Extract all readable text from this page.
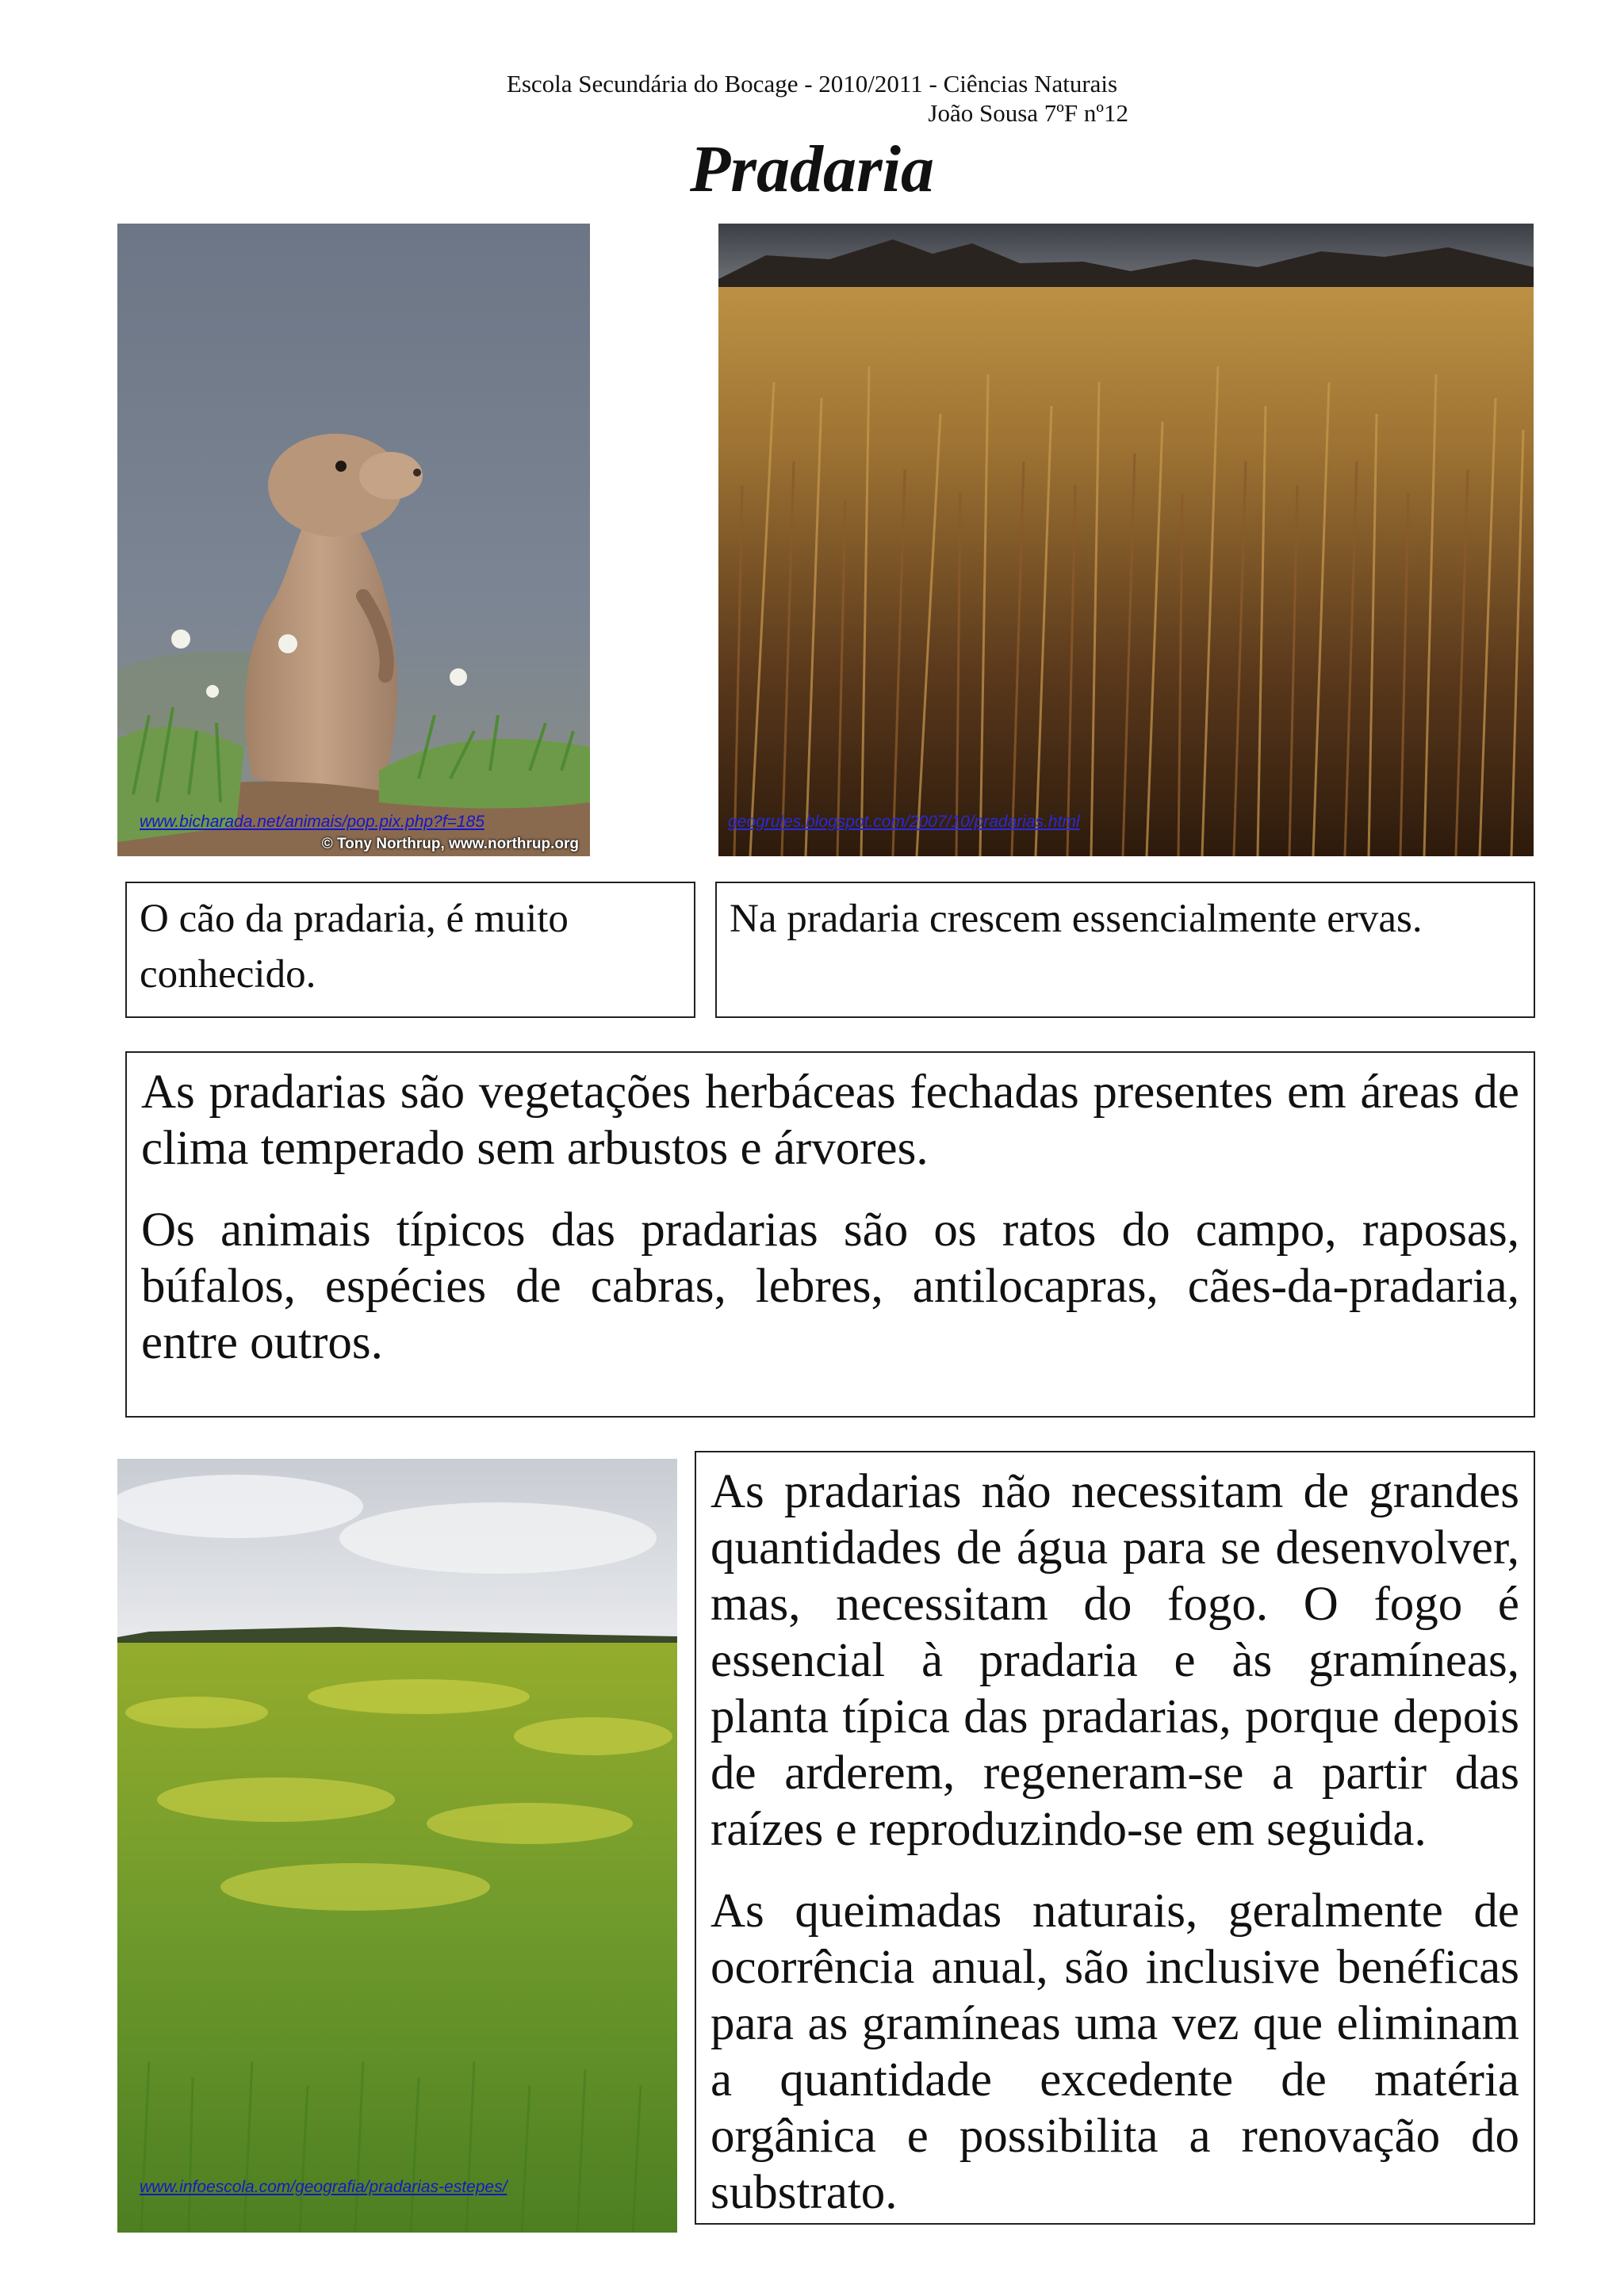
Escola Secundária do Bocage - 2010/2011 - Ciências Naturais
João Sousa 7ºF nº12
Pradaria
www.bicharada.net/animais/pop.pix.php?f=185
© Tony Northrup, www.northrup.org
geogrules.blogspot.com/2007/10/pradarias.html
O cão da pradaria, é muito conhecido.
Na pradaria crescem essencialmente ervas.

As pradarias são vegetações herbáceas fechadas presentes em áreas de clima temperado sem arbustos e árvores.

Os animais típicos das pradarias são os ratos do campo, raposas, búfalos, espécies de cabras, lebres, antilocapras, cães-da-pradaria, entre outros.

www.infoescola.com/geografia/pradarias-estepes/

As pradarias não necessitam de grandes quantidades de água para se desenvolver, mas, necessitam do fogo. O fogo é essencial à pradaria e às gramíneas, planta típica das pradarias, porque depois de arderem, regeneram-se a partir das raízes e reproduzindo-se em seguida.

As queimadas naturais, geralmente de ocorrência anual, são inclusive benéficas para as gramíneas uma vez que eliminam a quantidade excedente de matéria orgânica e possibilita a renovação do substrato.
